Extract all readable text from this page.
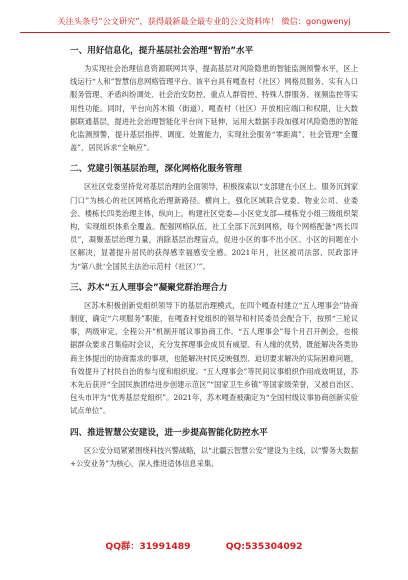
关注头条号“公文研究”，获得最新最全最专业的公文资料库！ 微信：gongwenyj
一、用好信息化，提升基层社会治理“智治”水平

为实现社会治理信息资源联网共享，提高基层对风险隐患的智能监测预警水平，区上线运行“人和”智慧信息网格管理平台。该平台具有嘎查村（社区）网格员服务、实有人口服务管理、矛盾纠纷调处、社会治安防控、重点人群管控、特殊人群服务、视频监控等实用性功能。同时，平台向苏木镇（街道）、嘎查村（社区）开放相应端口和权限，让大数据联通基层，提进社会治理智能化平台向下延伸，运用大数据手段加强对风险隐患的智能化监测预警，提升基层指挥、调度、处置能力，实现社会服务“零距离”、社会管理“全覆盖”、居民诉求“全响应”。

二、党建引领基层治理，深化网格化服务管理

区社区党委坚持党对基层治理的全面领导，积极探索以“支部建在小区上、服务沉到家门口”为核心的社区网格化治理新路径。横向上，强化区域联合党委、物业公司、业委会、楼栋长四类治理主体，纵向上，构建社区党委—小区党支部—楼栋党小组三级组织架构，实现组织体系全覆盖。配强网格队伍，社工全部下沉到网格，每个网格配备“两长四员”，凝聚基层治理力量，消除基层治理盲点，促进小区的事不出小区、小区的问题在小区解决，显著提升居民的获得感幸福感安全感。2021年月，社区被司法部、民政部评为“第八批‘全国民主法治示范村（社区）’”。

三、苏木“五人理事会”凝聚党群治理合力

区苏木积极创新党组织领导下的基层治理模式，在四个嘎查村建立“五人理事会”协商制度，确定“六项服务”职能，在嘎查村党组织的领导和村民委员会配合下，按照“三轮议事，两级审定、全程公开”机制开展议事协商工作。“五人理事会”每个月召开例会，也根据群众要求召集临时会议，充分发挥理事会成员有威望、有人缘的优势，既能解决各类协商主体提出的协商需求的事项，也能解决村民反映强烈、迫切要求解决的实际困难问题，有效提升了村民自治的参与度和组织度。“五人理事会”等民间议事组织作用成效明显，苏木先后获评“全国民族团结进步创建示范区”“国家卫生乡镇”等国家级荣誉，又被自治区、包头市评为“优秀基层党组织”。2021年，苏木嘎查被确定为“全国村级议事协商创新实验试点单位”。

四、推进智慧公安建设，进一步提高智能化防控水平

区公安分局紧紧围绕科技兴警战略，以“北疆云智慧公安”建设为主线，以“警务大数据+公安业务”为核心，深入推进适体信息采集、

QQ群：31991489	QQ:535304092
